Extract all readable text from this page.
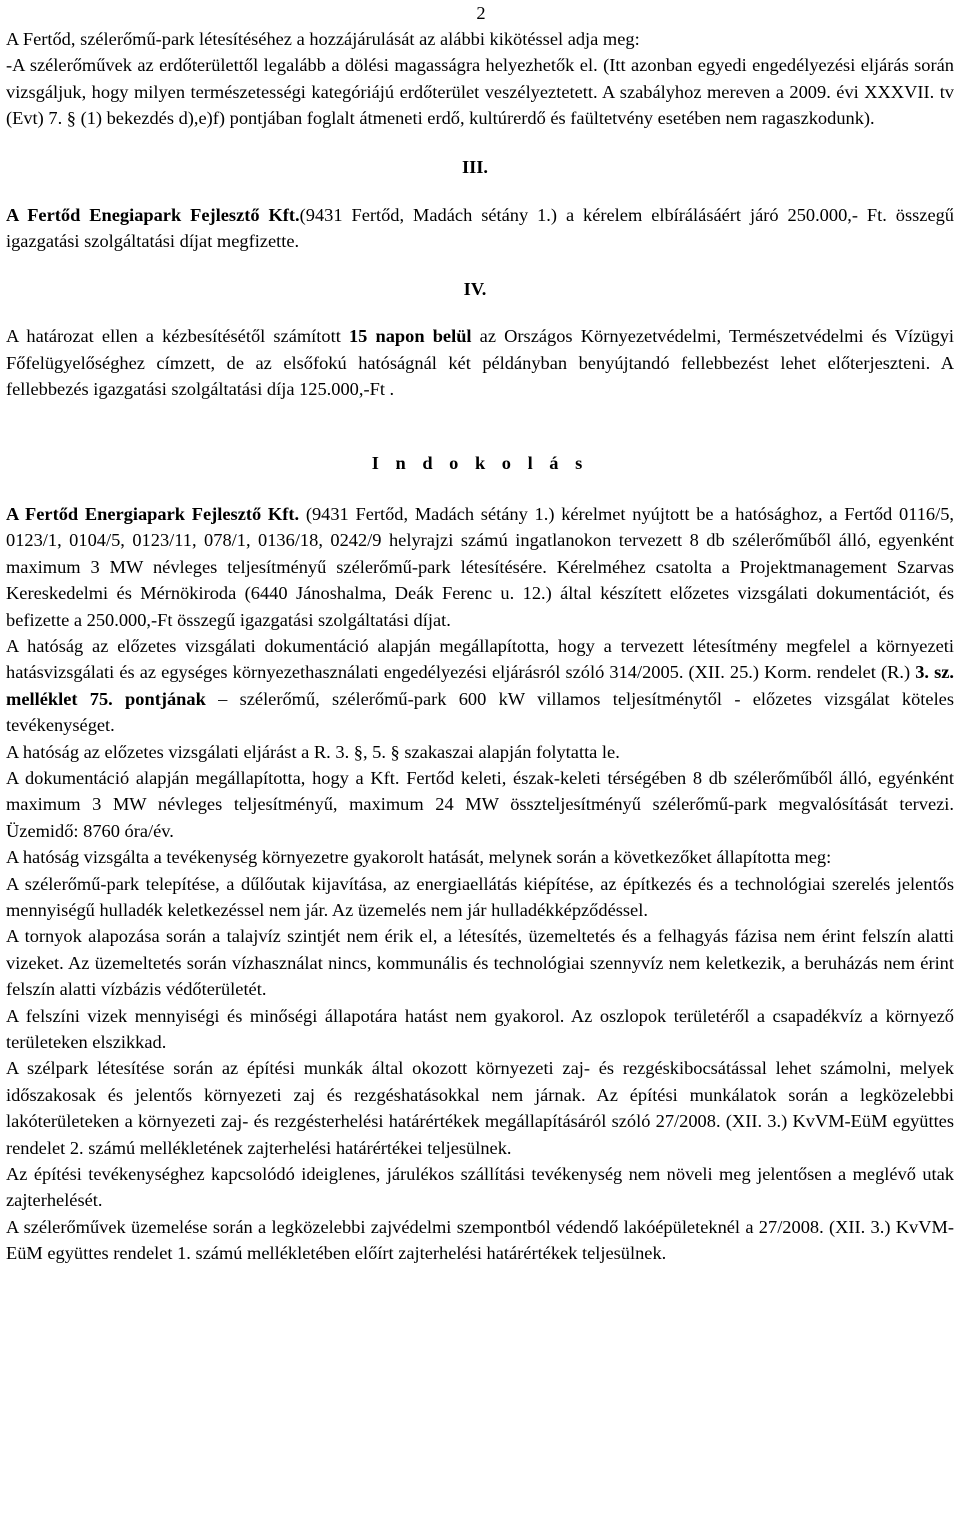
2

A Fertőd, szélerőmű-park létesítéséhez a hozzájárulását az alábbi kikötéssel adja meg:

-A szélerőművek az erdőterülettől legalább a dölési magasságra helyezhetők el. (Itt azonban egyedi engedélyezési eljárás során vizsgáljuk, hogy milyen természetességi kategóriájú erdőterület veszélyeztetett. A szabályhoz mereven a 2009. évi XXXVII. tv (Evt) 7. § (1) bekezdés d),e)f) pontjában foglalt átmeneti erdő, kultúrerdő és faültetvény esetében nem ragaszkodunk).

III.

A Fertőd Enegiapark Fejlesztő Kft.(9431 Fertőd, Madách sétány 1.) a kérelem elbírálásáért járó 250.000,- Ft. összegű igazgatási szolgáltatási díjat megfizette.

IV.

A határozat ellen a kézbesítésétől számított 15 napon belül az Országos Környezetvédelmi, Természetvédelmi és Vízügyi Főfelügyelőséghez címzett, de az elsőfokú hatóságnál két példányban benyújtandó fellebbezést lehet előterjeszteni. A fellebbezés igazgatási szolgáltatási díja 125.000,-Ft .

I n d o k o l á s

A Fertőd Energiapark Fejlesztő Kft. (9431 Fertőd, Madách sétány 1.) kérelmet nyújtott be a hatósághoz, a Fertőd 0116/5, 0123/1, 0104/5, 0123/11, 078/1, 0136/18, 0242/9 helyrajzi számú ingatlanokon tervezett 8 db szélerőműből álló, egyenként maximum 3 MW névleges teljesítményű szélerőmű-park létesítésére. Kérelméhez csatolta a Projektmanagement Szarvas Kereskedelmi és Mérnökiroda (6440 Jánoshalma, Deák Ferenc u. 12.) által készített előzetes vizsgálati dokumentációt, és befizette a 250.000,-Ft összegű igazgatási szolgáltatási díjat.

A hatóság az előzetes vizsgálati dokumentáció alapján megállapította, hogy a tervezett létesítmény megfelel a környezeti hatásvizsgálati és az egységes környezethasználati engedélyezési eljárásról szóló 314/2005. (XII. 25.) Korm. rendelet (R.) 3. sz. melléklet 75. pontjának – szélerőmű, szélerőmű-park 600 kW villamos teljesítménytől - előzetes vizsgálat köteles tevékenységet.

A hatóság az előzetes vizsgálati eljárást a R. 3. §, 5. § szakaszai alapján folytatta le.

A dokumentáció alapján megállapította, hogy a Kft. Fertőd keleti, észak-keleti térségében 8 db szélerőműből álló, egyénként maximum 3 MW névleges teljesítményű, maximum 24 MW összteljesítményű szélerőmű-park megvalósítását tervezi. Üzemidő: 8760 óra/év.

A hatóság vizsgálta a tevékenység környezetre gyakorolt hatását, melynek során a következőket állapította meg:

A szélerőmű-park telepítése, a dűlőutak kijavítása, az energiaellátás kiépítése, az építkezés és a technológiai szerelés jelentős mennyiségű hulladék keletkezéssel nem jár. Az üzemelés nem jár hulladékképződéssel.

A tornyok alapozása során a talajvíz szintjét nem érik el, a létesítés, üzemeltetés és a felhagyás fázisa nem érint felszín alatti vizeket. Az üzemeltetés során vízhasználat nincs, kommunális és technológiai szennyvíz nem keletkezik, a beruházás nem érint felszín alatti vízbázis védőterületét.

A felszíni vizek mennyiségi és minőségi állapotára hatást nem gyakorol. Az oszlopok területéről a csapadékvíz a környező területeken elszikkad.

A szélpark létesítése során az építési munkák által okozott környezeti zaj- és rezgéskibocsátással lehet számolni, melyek időszakosak és jelentős környezeti zaj és rezgéshatásokkal nem járnak. Az építési munkálatok során a legközelebbi lakóterületeken a környezeti zaj- és rezgésterhelési határértékek megállapításáról szóló 27/2008. (XII. 3.) KvVM-EüM együttes rendelet 2. számú mellékletének zajterhelési határértékei teljesülnek.

Az építési tevékenységhez kapcsolódó ideiglenes, járulékos szállítási tevékenység nem növeli meg jelentősen a meglévő utak zajterhelését.

A szélerőművek üzemelése során a legközelebbi zajvédelmi szempontból védendő lakóépületeknél a 27/2008. (XII. 3.) KvVM-EüM együttes rendelet 1. számú mellékletében előírt zajterhelési határértékek teljesülnek.
